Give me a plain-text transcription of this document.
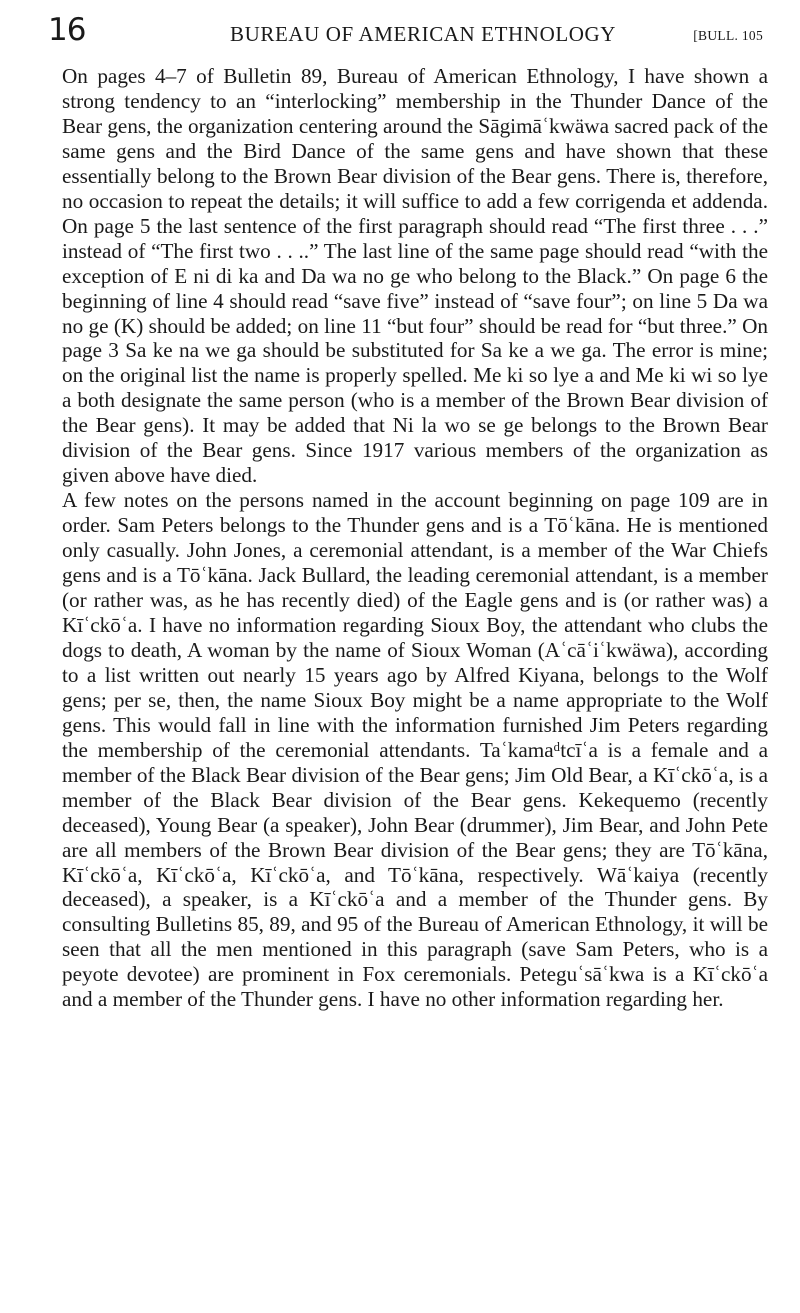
16	BUREAU OF AMERICAN ETHNOLOGY	[BULL. 105

On pages 4–7 of Bulletin 89, Bureau of American Ethnology, I have shown a strong tendency to an “interlocking” membership in the Thunder Dance of the Bear gens, the organization centering around the Sāgimāʿkwäwa sacred pack of the same gens and the Bird Dance of the same gens and have shown that these essentially belong to the Brown Bear division of the Bear gens. There is, therefore, no occasion to repeat the details; it will suffice to add a few corrigenda et addenda. On page 5 the last sentence of the first paragraph should read “The first three . . .” instead of “The first two . . ..” The last line of the same page should read “with the exception of E ni di ka and Da wa no ge who belong to the Black.” On page 6 the beginning of line 4 should read “save five” instead of “save four”; on line 5 Da wa no ge (K) should be added; on line 11 “but four” should be read for “but three.” On page 3 Sa ke na we ga should be substituted for Sa ke a we ga. The error is mine; on the original list the name is properly spelled. Me ki so lye a and Me ki wi so lye a both designate the same person (who is a member of the Brown Bear division of the Bear gens). It may be added that Ni la wo se ge belongs to the Brown Bear division of the Bear gens. Since 1917 various members of the organization as given above have died.

A few notes on the persons named in the account beginning on page 109 are in order. Sam Peters belongs to the Thunder gens and is a Tōʿkāna. He is mentioned only casually. John Jones, a ceremonial attendant, is a member of the War Chiefs gens and is a Tōʿkāna. Jack Bullard, the leading ceremonial attendant, is a member (or rather was, as he has recently died) of the Eagle gens and is (or rather was) a Kīʿckōʿa. I have no information regarding Sioux Boy, the attendant who clubs the dogs to death, A woman by the name of Sioux Woman (Aʿcāʿiʿkwäwa), according to a list written out nearly 15 years ago by Alfred Kiyana, belongs to the Wolf gens; per se, then, the name Sioux Boy might be a name appropriate to the Wolf gens. This would fall in line with the information furnished Jim Peters regarding the membership of the ceremonial attendants. Taʿkamaᵈtcīʿa is a female and a member of the Black Bear division of the Bear gens; Jim Old Bear, a Kīʿckōʿa, is a member of the Black Bear division of the Bear gens. Kekequemo (recently deceased), Young Bear (a speaker), John Bear (drummer), Jim Bear, and John Pete are all members of the Brown Bear division of the Bear gens; they are Tōʿkāna, Kīʿckōʿa, Kīʿckōʿa, Kīʿckōʿa, and Tōʿkāna, respectively. Wāʿkaiya (recently deceased), a speaker, is a Kīʿckōʿa and a member of the Thunder gens. By consulting Bulletins 85, 89, and 95 of the Bureau of American Ethnology, it will be seen that all the men mentioned in this paragraph (save Sam Peters, who is a peyote devotee) are prominent in Fox ceremonials. Peteguʿsāʿkwa is a Kīʿckōʿa and a member of the Thunder gens. I have no other information regarding her.
